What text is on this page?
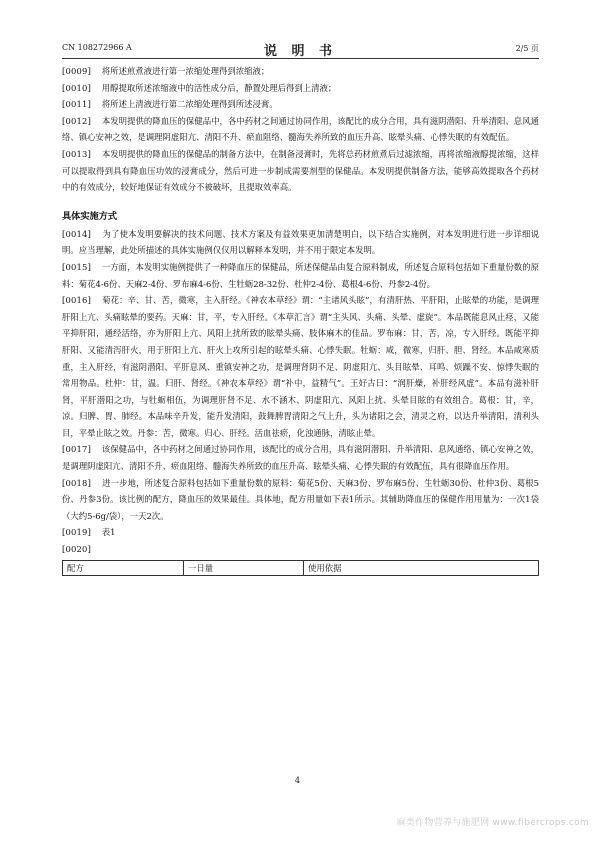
CN 108272966 A	说 明 书	2/5 页

[0009] 将所述煎煮液进行第一浓缩处理得到浓缩液；

[0010] 用醇提取所述浓缩液中的活性成分后，静置处理后得到上清液；

[0011] 将所述上清液进行第二浓缩处理得到所述浸膏。

[0012] 本发明提供的降血压的保健品中，各中药材之间通过协同作用，该配比的成分合用，具有滋阴潜阳、升举清阳、息风通络、镇心安神之效，是调理阴虚阳亢、清阳不升、瘀血阻络、髓海失养所致的血压升高、眩晕头痛、心悸失眠的有效配伍。

[0013] 本发明提供的降血压的保健品的制备方法中，在制备浸膏时，先将总药材煎煮后过滤浓缩，再将浓缩液醇提浓缩，这样可以提取得到具有降血压功效的浸膏成分，然后可进一步制成需要剂型的保健品。本发明提供制备方法，能够高效提取各个药材中的有效成分，较好地保证有效成分不被破坏，且提取效率高。

具体实施方式

[0014] 为了使本发明要解决的技术问题、技术方案及有益效果更加清楚明白，以下结合实施例，对本发明进行进一步详细说明。应当理解，此处所描述的具体实施例仅仅用以解释本发明，并不用于限定本发明。

[0015] 一方面，本发明实施例提供了一种降血压的保健品，所述保健品由复合原料制成，所述复合原料包括如下重量份数的原料：菊花4-6份、天麻2-4份、罗布麻4-6份、生牡蛎28-32份、杜仲2-4份、葛根4-6份、丹参2-4份。

[0016] 菊花：辛、甘、苦，微寒，主入肝经。《神农本草经》谓：“主诸风头眩”，有清肝热、平肝阳，止眩晕的功能，是调理肝阳上亢、头痛眩晕的要药。天麻：甘，平，专入肝经。《本草汇言》谓“主头风、头痛、头晕、虚旋”。本品既能息风止痉，又能平抑肝阳，通经活络，亦为肝阳上亢、风阳上扰所致的眩晕头痛、肢体麻木的佳品。罗布麻：甘，苦，凉，专入肝经。既能平抑肝阳、又能清泻肝火，用于肝阳上亢、肝火上攻所引起的眩晕头痛、心悸失眠。牡蛎：咸，微寒，归肝、胆、肾经。本品咸寒质重，主入肝经，有滋阴潜阳、平肝息风、重镇安神之功，是调理肾阴不足、阴虚阳亢、头目眩晕、耳鸣、烦躁不安、惊悸失眠的常用物品。杜仲：甘，温。归肝、肾经。《神农本草经》谓“补中，益精气”。王好古曰：“润肝燥，补肝经风虚”。本品有滋补肝肾，平肝潜阳之功，与牡蛎相伍，为调理肝肾不足、水不涵木、阴虚阳亢、风阳上扰、头晕目眩的有效组合。葛根：甘，辛，凉。归脾、胃、肺经。本品味辛升发，能升发清阳，鼓舞脾胃清阳之气上升，头为诸阳之会，清灵之府，以达升举清阳，清利头目，平晕止眩之效。丹参：苦，微寒。归心、肝经。活血祛瘀，化浊通脉，清眩止晕。

[0017] 该保健品中，各中药材之间通过协同作用，该配比的成分合用，具有滋阴潜阳、升举清阳、息风通络、镇心安神之效，是调理阴虚阳亢、清阳不升、瘀血阻络、髓海失养所致的血压升高、眩晕头痛、心悸失眠的有效配伍，具有很降血压作用。

[0018] 进一步地，所述复合原料包括如下重量份数的原料：菊花5份、天麻3份、罗布麻5份、生牡蛎30份、杜仲3份、葛根5份、丹参3份。该比例的配方，降血压的效果最佳。具体地，配方用量如下表1所示。其辅助降血压的保健作用用量为：一次1袋（大约5-6g/袋），一天2次。

[0019] 表1

[0020]

配方	一日量	使用依据
4
麻类作物营养与施肥网 www.fibercrops.com
